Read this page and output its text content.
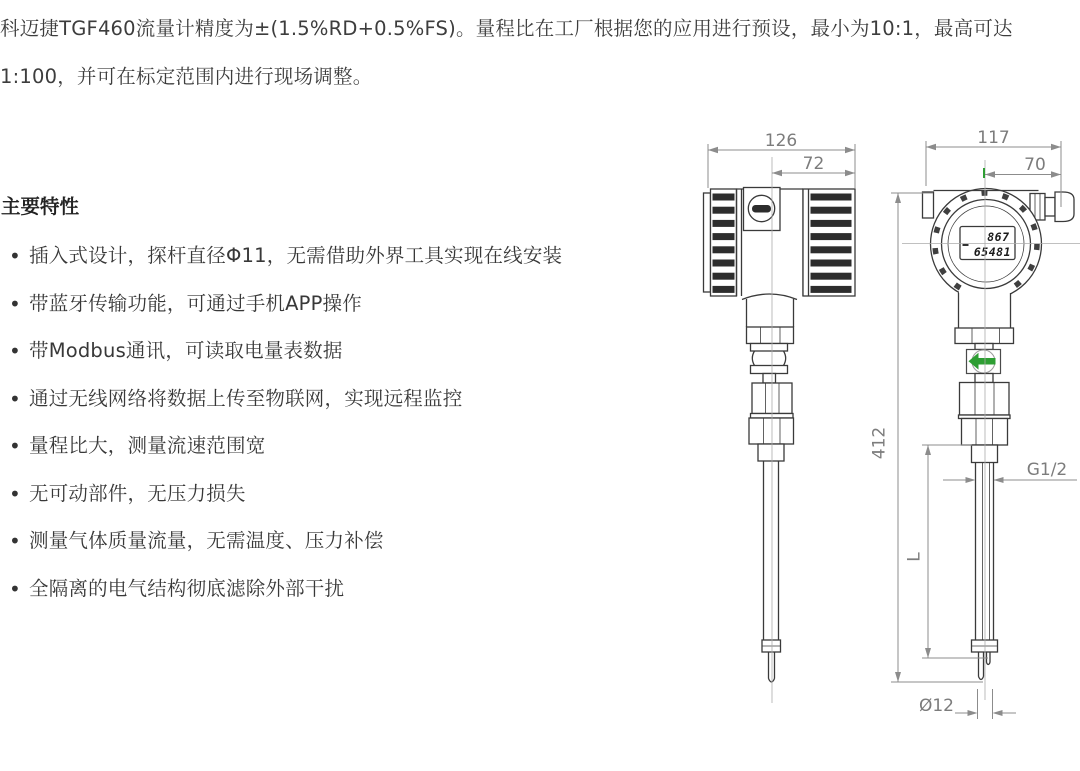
科迈捷TGF460流量计精度为±(1.5%RD+0.5%FS)。量程比在工厂根据您的应用进行预设，最小为10:1，最高可达1:100，并可在标定范围内进行现场调整。

主要特性
• 插入式设计，探杆直径Φ11，无需借助外界工具实现在线安装
• 带蓝牙传输功能，可通过手机APP操作
• 带Modbus通讯，可读取电量表数据
• 通过无线网络将数据上传至物联网，实现远程监控
• 量程比大，测量流速范围宽
• 无可动部件，无压力损失
• 测量气体质量流量，无需温度、压力补偿
• 全隔离的电气结构彻底滤除外部干扰
126
72
867
65481
117
70
412
L
G1/2
Ø12
